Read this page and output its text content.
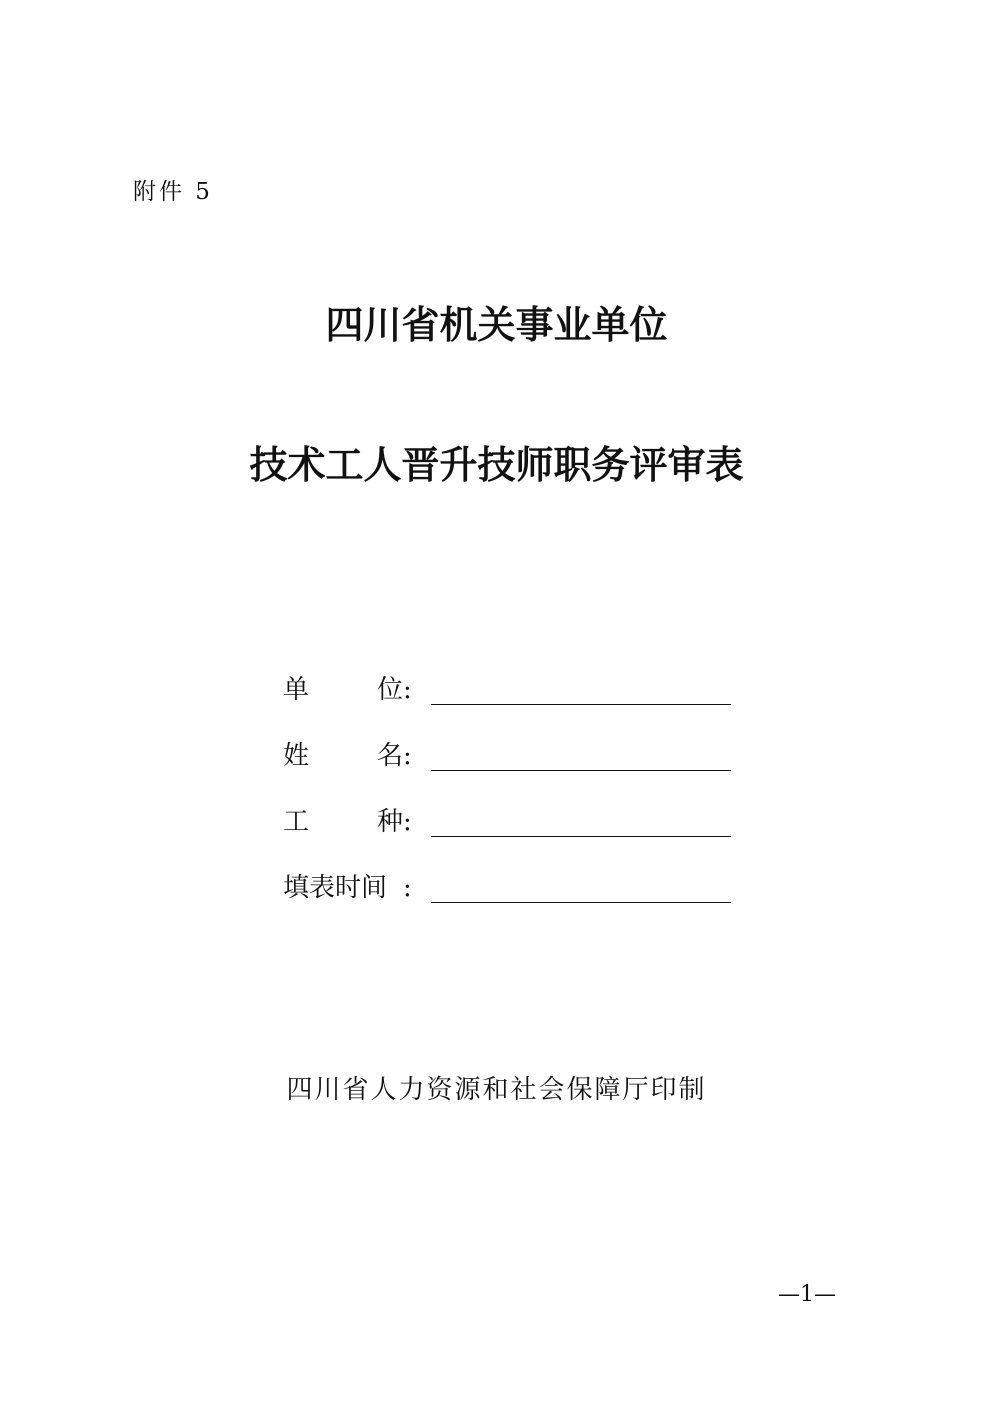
附件 5
四川省机关事业单位
技术工人晋升技师职务评审表
单	位 :
姓	名 :
工	种 :
填表时间 :
四川省人力资源和社会保障厅印制
—1—
